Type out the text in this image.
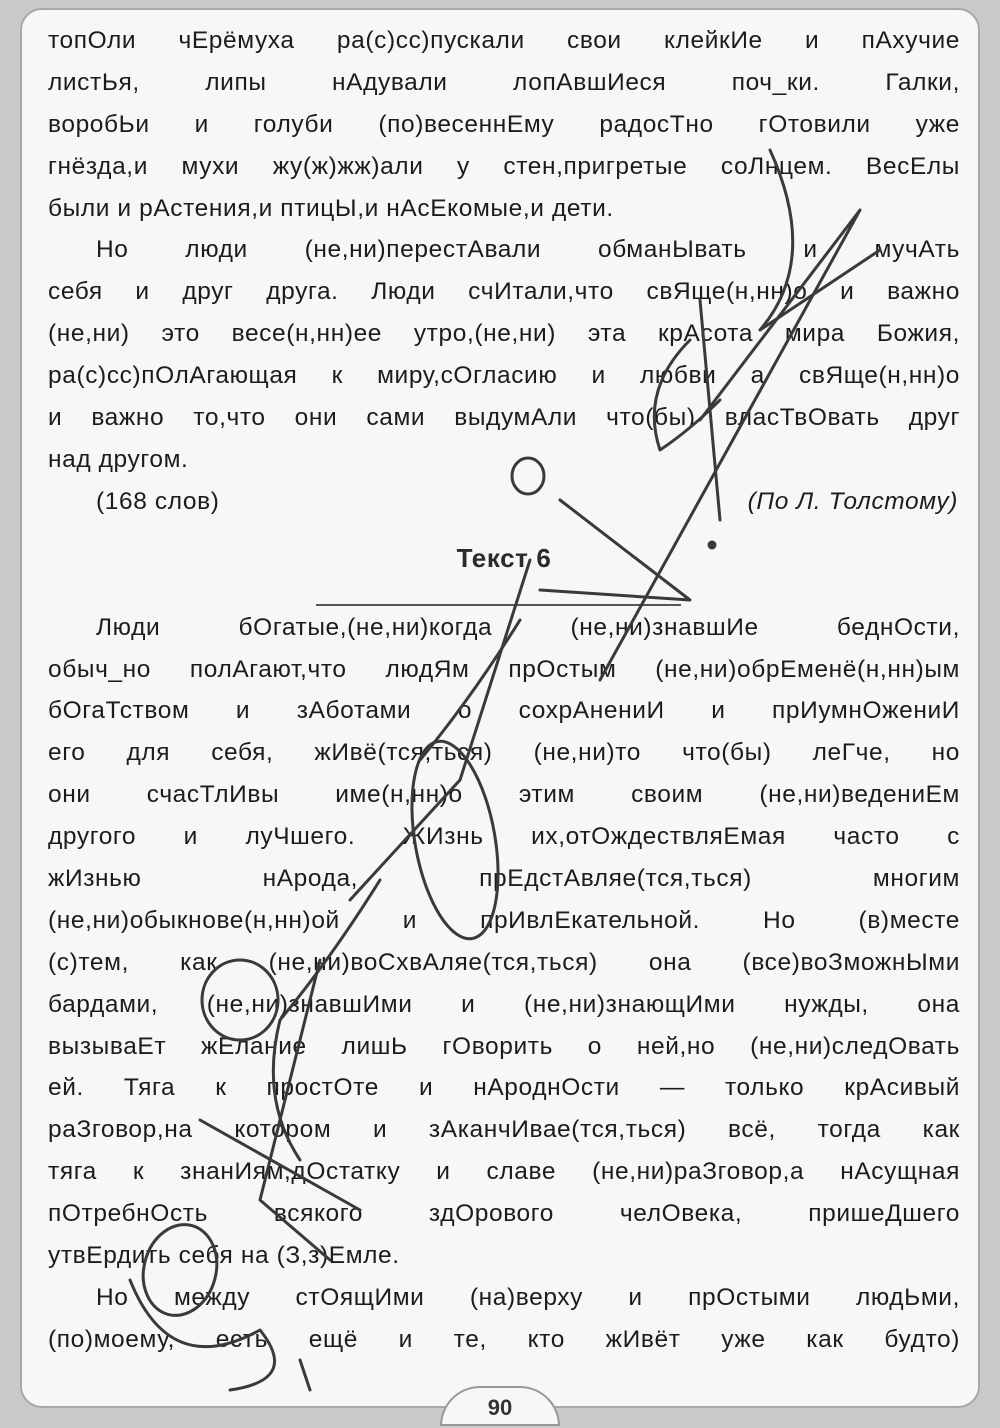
топОли чЕрёмуха ра(с)сс)пускали свои клейкИе и пАхучие
листЬя, липы нАдували лопАвшИеся поч_ки. Галки,
воробЬи и голуби (по)весеннЕму радосТно гОтовили уже
гнёзда,и мухи жу(ж)жж)али у стен,пригретые соЛнцем. ВесЕлы
были и рАстения,и птицЫ,и нАсЕкомые,и дети.
Но люди (не,ни)перестАвали обманЫвать и мучАть
себя и друг друга. Люди счИтали,что свЯще(н,нн)о и важно
(не,ни) это весе(н,нн)ее утро,(не,ни) эта крАсота мира Божия,
ра(с)сс)пОлАгающая к миру,сОгласию и любви а свЯще(н,нн)о
и важно то,что они сами выдумАли что(бы) власТвОвать друг
над другом.
(168 слов)	(По Л. Толстому)
Текст 6
Люди бОгатые,(не,ни)когда (не,ни)знавшИе беднОсти,
обыч_но полАгают,что людЯм прОстым (не,ни)обрЕменё(н,нн)ым
бОгаТством и зАботами о сохрАнениИ и прИумнОжениИ
его для себя, жИвё(тся,ться) (не,ни)то что(бы) леГче, но
они счасТлИвы име(н,нн)о этим своим (не,ни)ведениЕм
другого и луЧшего. ЖИзнь их,отОждествляЕмая часто с
жИзнью нАрода, прЕдстАвляе(тся,ться) многим
(не,ни)обыкнове(н,нн)ой и прИвлЕкательной. Но (в)месте
(с)тем, как (не,ни)воСхвАляе(тся,ться) она (все)воЗможнЫми
бардами, (не,ни)знавшИми и (не,ни)знающИми нужды, она
вызываЕт жЕлание лишЬ гОворить о ней,но (не,ни)следОвать
ей. Тяга к простОте и нАроднОсти — только крАсивый
раЗговор,на котором и зАканчИвае(тся,ться) всё, тогда как
тяга к знанИям,дОстатку и славе (не,ни)раЗговор,а нАсущная
пОтребнОсть всякого здОрового челОвека, пришеДшего
утвЕрдить себя на (З,з)Емле.
Но между стОящИми (на)верху и прОстыми людЬми,
(по)моему, есть ещё и те, кто жИвёт уже как будто)
90
